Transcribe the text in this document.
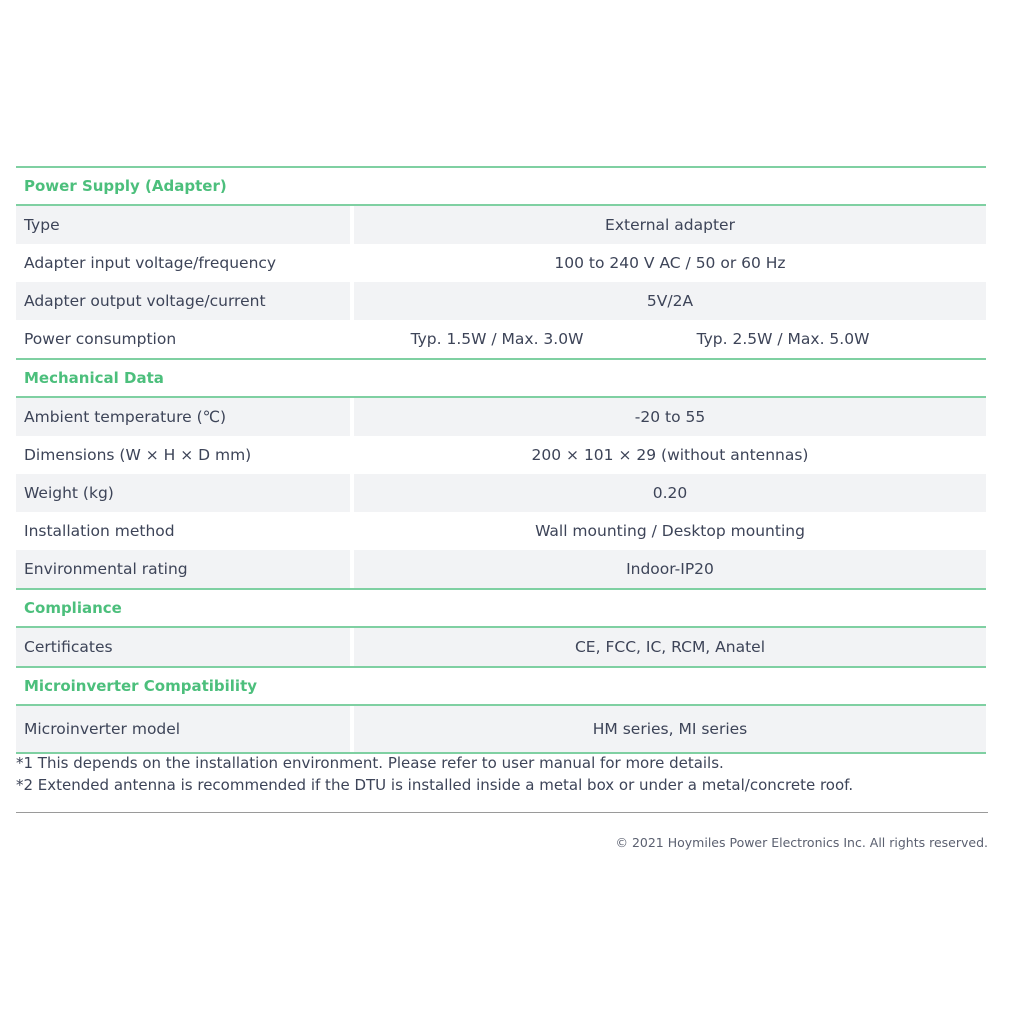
Power Supply (Adapter)
Type	External adapter
Adapter input voltage/frequency	100 to 240 V AC / 50 or 60 Hz
Adapter output voltage/current	5V/2A
Power consumption	Typ. 1.5W / Max. 3.0W	Typ. 2.5W / Max. 5.0W
Mechanical Data
Ambient temperature (℃)	-20 to 55
Dimensions (W × H × D mm)	200 × 101 × 29 (without antennas)
Weight (kg)	0.20
Installation method	Wall mounting / Desktop mounting
Environmental rating	Indoor-IP20
Compliance
Certificates	CE, FCC, IC, RCM, Anatel
Microinverter Compatibility
Microinverter model	HM series, MI series
*1 This depends on the installation environment. Please refer to user manual for more details.
*2 Extended antenna is recommended if the DTU is installed inside a metal box or under a metal/concrete roof.
© 2021 Hoymiles Power Electronics Inc. All rights reserved.
